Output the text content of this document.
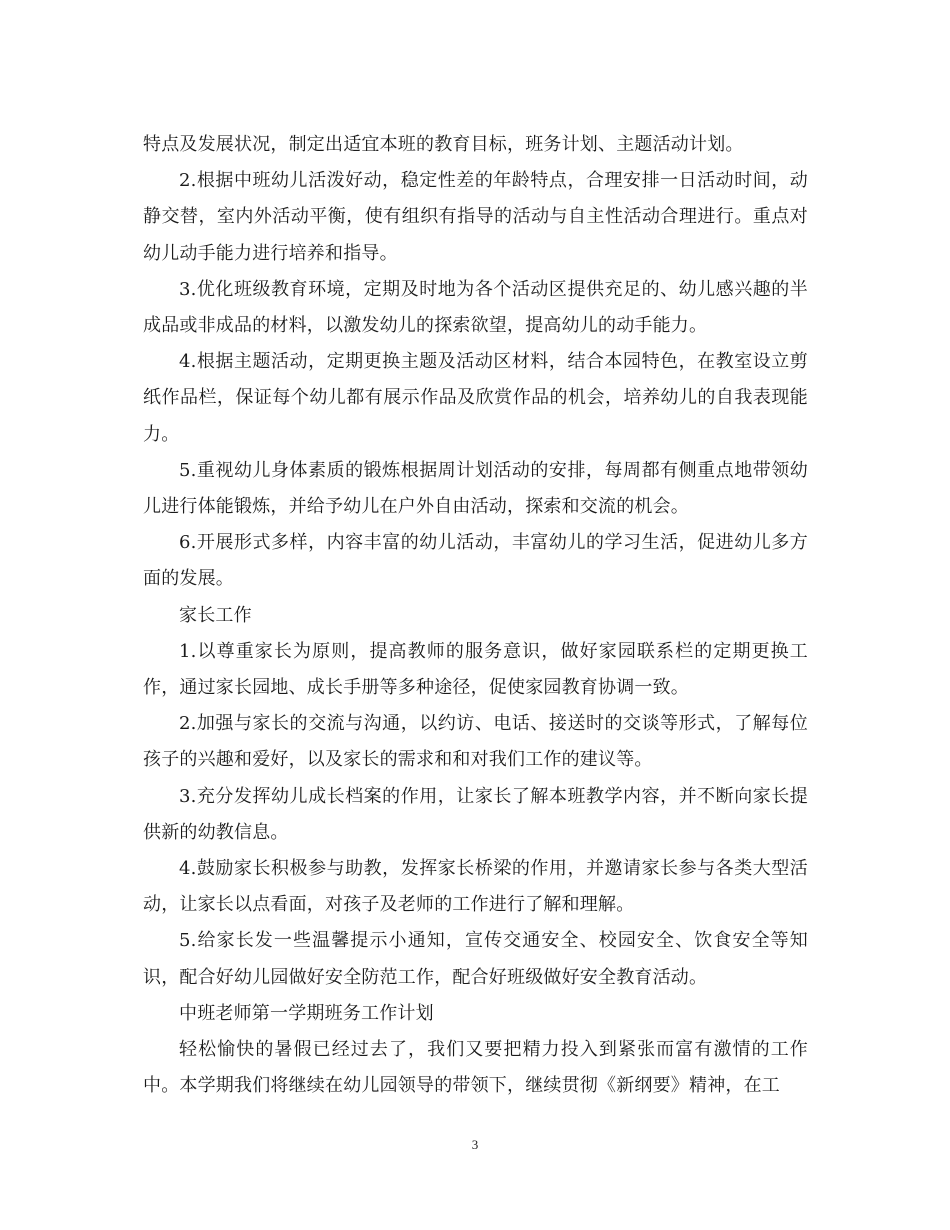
特点及发展状况，制定出适宜本班的教育目标，班务计划、主题活动计划。

2.根据中班幼儿活泼好动，稳定性差的年龄特点，合理安排一日活动时间，动静交替，室内外活动平衡，使有组织有指导的活动与自主性活动合理进行。重点对幼儿动手能力进行培养和指导。

3.优化班级教育环境，定期及时地为各个活动区提供充足的、幼儿感兴趣的半成品或非成品的材料，以激发幼儿的探索欲望，提高幼儿的动手能力。

4.根据主题活动，定期更换主题及活动区材料，结合本园特色，在教室设立剪纸作品栏，保证每个幼儿都有展示作品及欣赏作品的机会，培养幼儿的自我表现能力。

5.重视幼儿身体素质的锻炼根据周计划活动的安排，每周都有侧重点地带领幼儿进行体能锻炼，并给予幼儿在户外自由活动，探索和交流的机会。

6.开展形式多样，内容丰富的幼儿活动，丰富幼儿的学习生活，促进幼儿多方面的发展。

家长工作

1.以尊重家长为原则，提高教师的服务意识，做好家园联系栏的定期更换工作，通过家长园地、成长手册等多种途径，促使家园教育协调一致。

2.加强与家长的交流与沟通，以约访、电话、接送时的交谈等形式，了解每位孩子的兴趣和爱好，以及家长的需求和和对我们工作的建议等。

3.充分发挥幼儿成长档案的作用，让家长了解本班教学内容，并不断向家长提供新的幼教信息。

4.鼓励家长积极参与助教，发挥家长桥梁的作用，并邀请家长参与各类大型活动，让家长以点看面，对孩子及老师的工作进行了解和理解。

5.给家长发一些温馨提示小通知，宣传交通安全、校园安全、饮食安全等知识，配合好幼儿园做好安全防范工作，配合好班级做好安全教育活动。

中班老师第一学期班务工作计划

轻松愉快的暑假已经过去了，我们又要把精力投入到紧张而富有激情的工作中。本学期我们将继续在幼儿园领导的带领下，继续贯彻《新纲要》精神，在工

3
